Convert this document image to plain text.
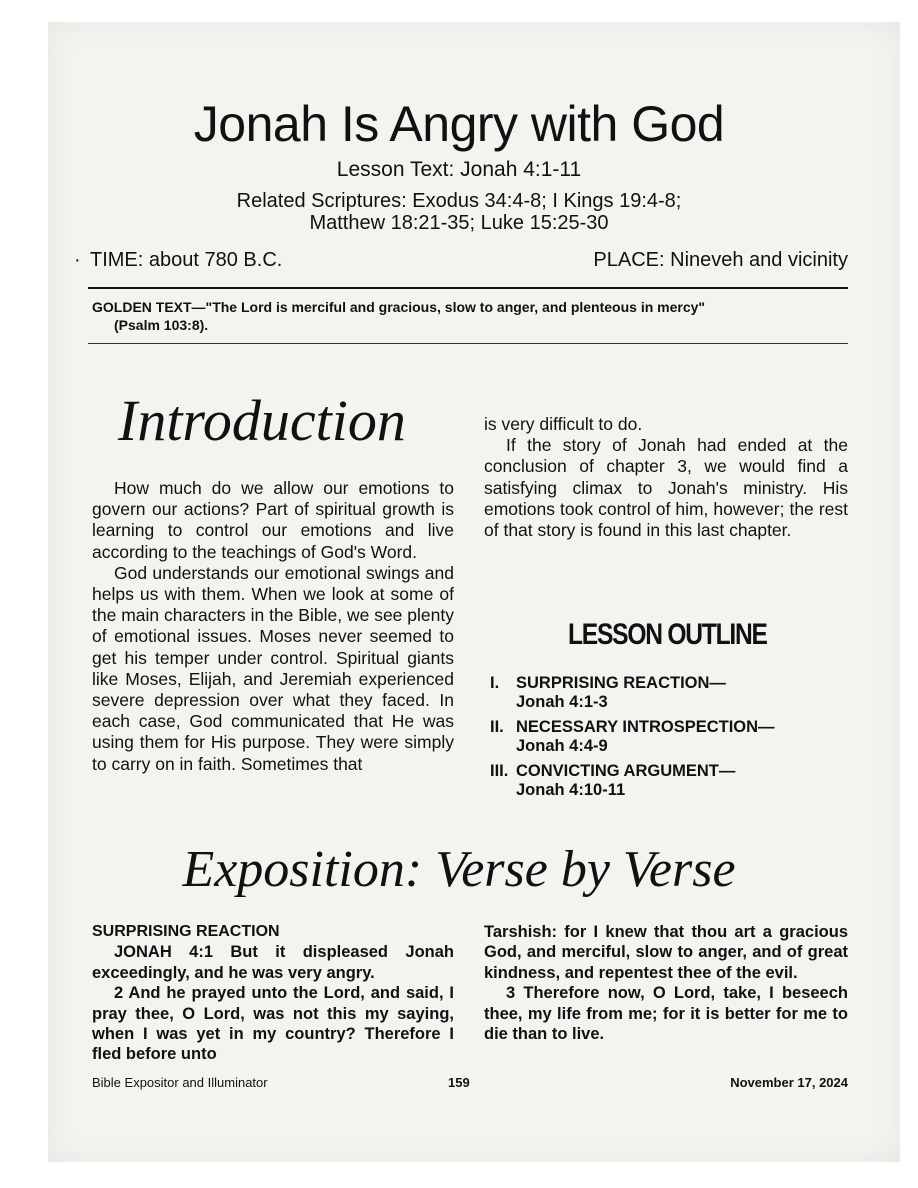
Jonah Is Angry with God
Lesson Text: Jonah 4:1-11
Related Scriptures: Exodus 34:4-8; I Kings 19:4-8;
Matthew 18:21-35; Luke 15:25-30
· TIME: about 780 B.C.	PLACE: Nineveh and vicinity
GOLDEN TEXT—"The Lord is merciful and gracious, slow to anger, and plenteous in mercy"
(Psalm 103:8).
Introduction

How much do we allow our emotions to govern our actions? Part of spiritual growth is learning to control our emotions and live according to the teachings of God's Word.

God understands our emotional swings and helps us with them. When we look at some of the main characters in the Bible, we see plenty of emotional issues. Moses never seemed to get his temper under control. Spiritual giants like Moses, Elijah, and Jeremiah experienced severe depression over what they faced. In each case, God communicated that He was using them for His purpose. They were simply to carry on in faith. Sometimes that

is very difficult to do.

If the story of Jonah had ended at the conclusion of chapter 3, we would find a satisfying climax to Jonah's ministry. His emotions took control of him, however; the rest of that story is found in this last chapter.

LESSON OUTLINE
I.	SURPRISING REACTION—
Jonah 4:1-3
II. NECESSARY INTROSPECTION—
Jonah 4:4-9
III. CONVICTING ARGUMENT—
Jonah 4:10-11
Exposition: Verse by Verse

SURPRISING REACTION

JONAH 4:1 But it displeased Jonah exceedingly, and he was very angry.

2 And he prayed unto the Lord, and said, I pray thee, O Lord, was not this my saying, when I was yet in my country? Therefore I fled before unto

Tarshish: for I knew that thou art a gracious God, and merciful, slow to anger, and of great kindness, and repentest thee of the evil.

3 Therefore now, O Lord, take, I beseech thee, my life from me; for it is better for me to die than to live.

Bible Expositor and Illuminator	159	November 17, 2024
